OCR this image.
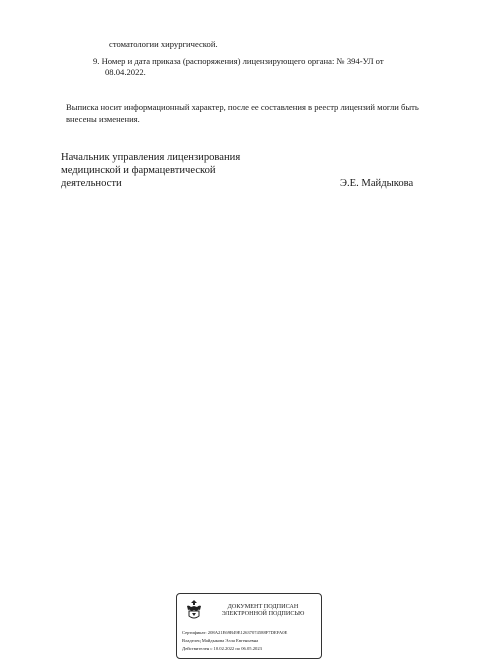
стоматологии хирургической.
9. Номер и дата приказа (распоряжения) лицензирующего органа: № 394-УЛ от
08.04.2022.
Выписка носит информационный характер, после ее составления в реестр лицензий могли быть
внесены изменения.
Начальник управления лицензирования
медицинской и фармацевтической
деятельности	Э.Е. Майдыкова
ДОКУМЕНТ ПОДПИСАН
ЭЛЕКТРОННОЙ ПОДПИСЬЮ
Сертификат: 208A21E69B49E12637074588F7DEFA0E
Владелец Майдыкова Элла Евгеньевна
Действителен с 10.02.2022 по 06.05.2023
